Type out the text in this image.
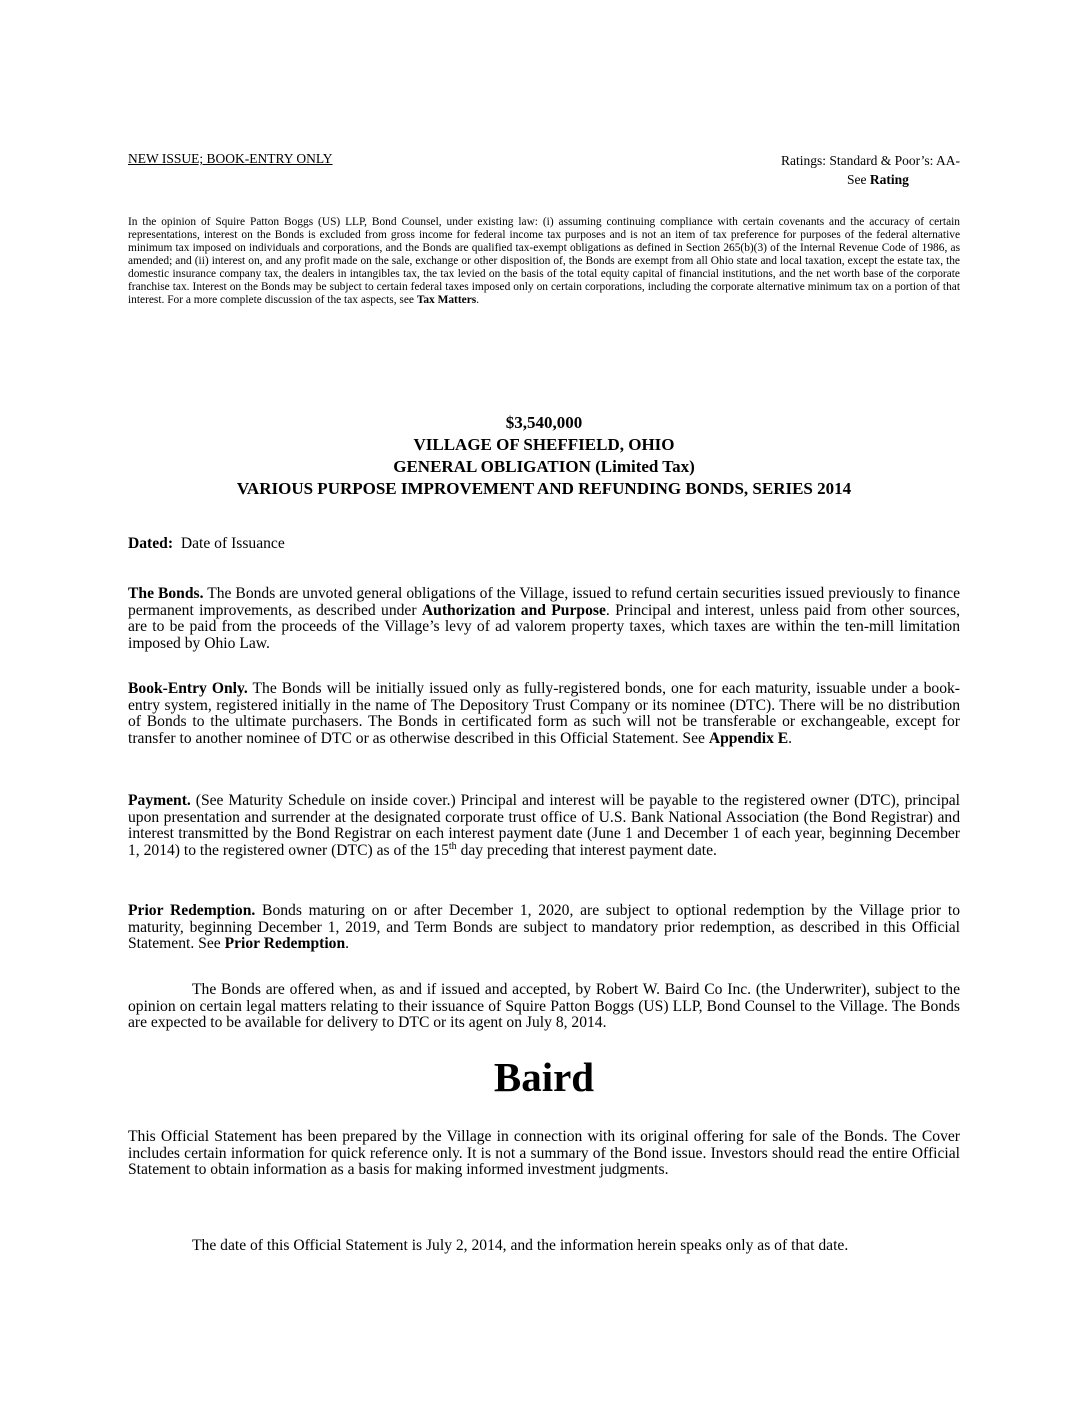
NEW ISSUE; BOOK-ENTRY ONLY	Ratings: Standard & Poor’s: AA-
See Rating
In the opinion of Squire Patton Boggs (US) LLP, Bond Counsel, under existing law: (i) assuming continuing compliance with certain covenants and the accuracy of certain representations, interest on the Bonds is excluded from gross income for federal income tax purposes and is not an item of tax preference for purposes of the federal alternative minimum tax imposed on individuals and corporations, and the Bonds are qualified tax-exempt obligations as defined in Section 265(b)(3) of the Internal Revenue Code of 1986, as amended; and (ii) interest on, and any profit made on the sale, exchange or other disposition of, the Bonds are exempt from all Ohio state and local taxation, except the estate tax, the domestic insurance company tax, the dealers in intangibles tax, the tax levied on the basis of the total equity capital of financial institutions, and the net worth base of the corporate franchise tax. Interest on the Bonds may be subject to certain federal taxes imposed only on certain corporations, including the corporate alternative minimum tax on a portion of that interest. For a more complete discussion of the tax aspects, see Tax Matters.
$3,540,000
VILLAGE OF SHEFFIELD, OHIO
GENERAL OBLIGATION (Limited Tax)
VARIOUS PURPOSE IMPROVEMENT AND REFUNDING BONDS, SERIES 2014
Dated:  Date of Issuance

The Bonds. The Bonds are unvoted general obligations of the Village, issued to refund certain securities issued previously to finance permanent improvements, as described under Authorization and Purpose. Principal and interest, unless paid from other sources, are to be paid from the proceeds of the Village’s levy of ad valorem property taxes, which taxes are within the ten-mill limitation imposed by Ohio Law.

Book-Entry Only. The Bonds will be initially issued only as fully-registered bonds, one for each maturity, issuable under a book-entry system, registered initially in the name of The Depository Trust Company or its nominee (DTC). There will be no distribution of Bonds to the ultimate purchasers. The Bonds in certificated form as such will not be transferable or exchangeable, except for transfer to another nominee of DTC or as otherwise described in this Official Statement. See Appendix E.

Payment. (See Maturity Schedule on inside cover.) Principal and interest will be payable to the registered owner (DTC), principal upon presentation and surrender at the designated corporate trust office of U.S. Bank National Association (the Bond Registrar) and interest transmitted by the Bond Registrar on each interest payment date (June 1 and December 1 of each year, beginning December 1, 2014) to the registered owner (DTC) as of the 15th day preceding that interest payment date.

Prior Redemption. Bonds maturing on or after December 1, 2020, are subject to optional redemption by the Village prior to maturity, beginning December 1, 2019, and Term Bonds are subject to mandatory prior redemption, as described in this Official Statement. See Prior Redemption.

The Bonds are offered when, as and if issued and accepted, by Robert W. Baird Co Inc. (the Underwriter), subject to the opinion on certain legal matters relating to their issuance of Squire Patton Boggs (US) LLP, Bond Counsel to the Village. The Bonds are expected to be available for delivery to DTC or its agent on July 8, 2014.
Baird
This Official Statement has been prepared by the Village in connection with its original offering for sale of the Bonds. The Cover includes certain information for quick reference only. It is not a summary of the Bond issue. Investors should read the entire Official Statement to obtain information as a basis for making informed investment judgments.
The date of this Official Statement is July 2, 2014, and the information herein speaks only as of that date.
